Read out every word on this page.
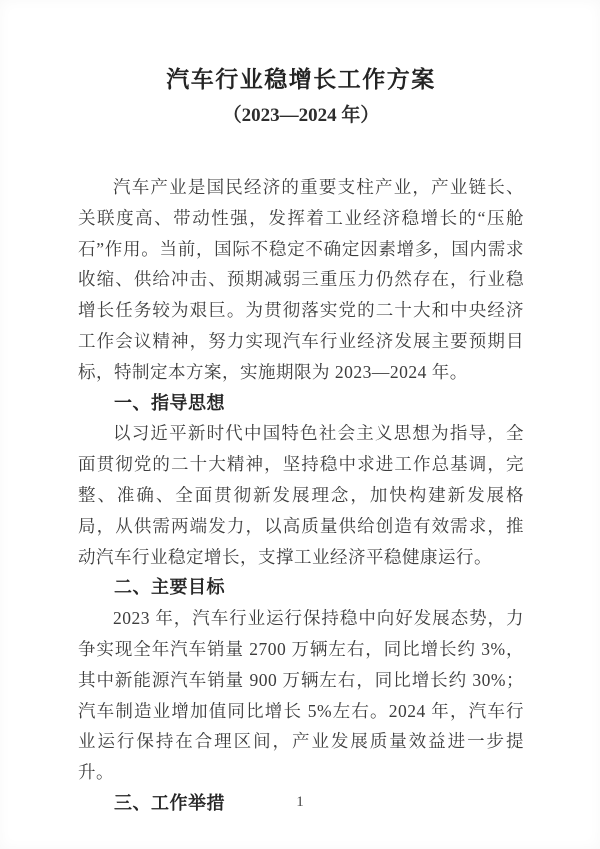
汽车行业稳增长工作方案
（2023—2024 年）

汽车产业是国民经济的重要支柱产业，产业链长、关联度高、带动性强，发挥着工业经济稳增长的“压舱石”作用。当前，国际不稳定不确定因素增多，国内需求收缩、供给冲击、预期减弱三重压力仍然存在，行业稳增长任务较为艰巨。为贯彻落实党的二十大和中央经济工作会议精神，努力实现汽车行业经济发展主要预期目标，特制定本方案，实施期限为 2023—2024 年。

一、指导思想

以习近平新时代中国特色社会主义思想为指导，全面贯彻党的二十大精神，坚持稳中求进工作总基调，完整、准确、全面贯彻新发展理念，加快构建新发展格局，从供需两端发力，以高质量供给创造有效需求，推动汽车行业稳定增长，支撑工业经济平稳健康运行。

二、主要目标

2023 年，汽车行业运行保持稳中向好发展态势，力争实现全年汽车销量 2700 万辆左右，同比增长约 3%，其中新能源汽车销量 900 万辆左右，同比增长约 30%；汽车制造业增加值同比增长 5%左右。2024 年，汽车行业运行保持在合理区间，产业发展质量效益进一步提升。

三、工作举措	1
